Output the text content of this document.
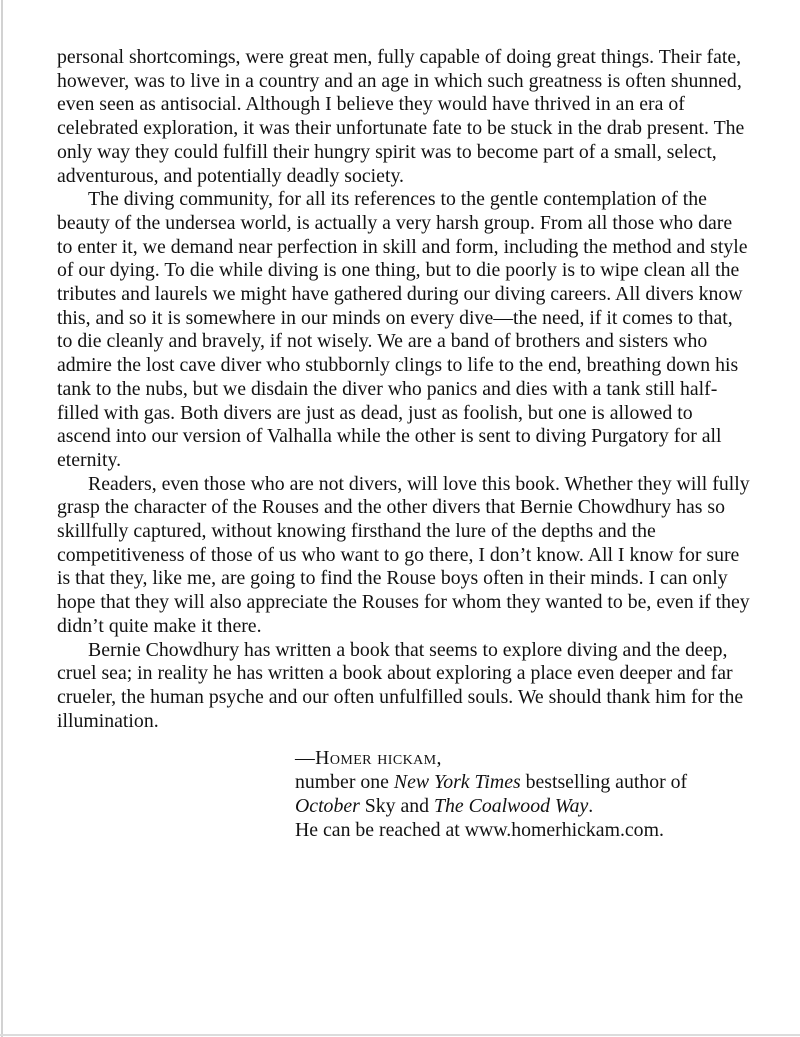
personal shortcomings, were great men, fully capable of doing great things. Their fate, however, was to live in a country and an age in which such greatness is often shunned, even seen as antisocial. Although I believe they would have thrived in an era of celebrated exploration, it was their unfortunate fate to be stuck in the drab present. The only way they could fulfill their hungry spirit was to become part of a small, select, adventurous, and potentially deadly society.

The diving community, for all its references to the gentle contemplation of the beauty of the undersea world, is actually a very harsh group. From all those who dare to enter it, we demand near perfection in skill and form, including the method and style of our dying. To die while diving is one thing, but to die poorly is to wipe clean all the tributes and laurels we might have gathered during our diving careers. All divers know this, and so it is somewhere in our minds on every dive—the need, if it comes to that, to die cleanly and bravely, if not wisely. We are a band of brothers and sisters who admire the lost cave diver who stubbornly clings to life to the end, breathing down his tank to the nubs, but we disdain the diver who panics and dies with a tank still half-filled with gas. Both divers are just as dead, just as foolish, but one is allowed to ascend into our version of Valhalla while the other is sent to diving Purgatory for all eternity.

Readers, even those who are not divers, will love this book. Whether they will fully grasp the character of the Rouses and the other divers that Bernie Chowdhury has so skillfully captured, without knowing firsthand the lure of the depths and the competitiveness of those of us who want to go there, I don’t know. All I know for sure is that they, like me, are going to find the Rouse boys often in their minds. I can only hope that they will also appreciate the Rouses for whom they wanted to be, even if they didn’t quite make it there.

Bernie Chowdhury has written a book that seems to explore diving and the deep, cruel sea; in reality he has written a book about exploring a place even deeper and far crueler, the human psyche and our often unfulfilled souls. We should thank him for the illumination.

—Homer hickam,
number one New York Times bestselling author of
October Sky and The Coalwood Way.
He can be reached at www.homerhickam.com.
